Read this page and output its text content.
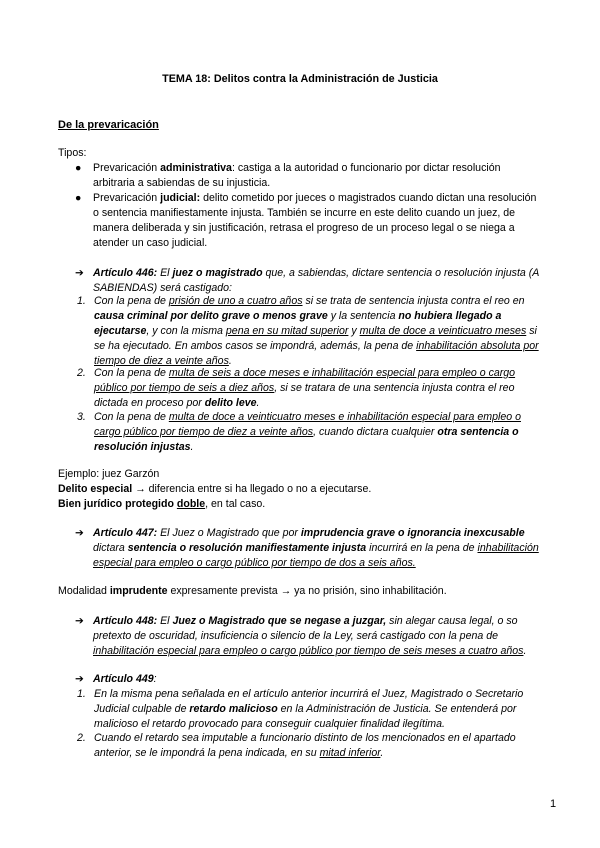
TEMA 18: Delitos contra la Administración de Justicia
De la prevaricación
Tipos:
● Prevaricación administrativa: castiga a la autoridad o funcionario por dictar resolución arbitraria a sabiendas de su injusticia.
● Prevaricación judicial: delito cometido por jueces o magistrados cuando dictan una resolución o sentencia manifiestamente injusta. También se incurre en este delito cuando un juez, de manera deliberada y sin justificación, retrasa el progreso de un proceso legal o se niega a atender un caso judicial.
➔ Artículo 446: El juez o magistrado que, a sabiendas, dictare sentencia o resolución injusta (A SABIENDAS) será castigado:
1. Con la pena de prisión de uno a cuatro años si se trata de sentencia injusta contra el reo en causa criminal por delito grave o menos grave y la sentencia no hubiera llegado a ejecutarse, y con la misma pena en su mitad superior y multa de doce a veinticuatro meses si se ha ejecutado. En ambos casos se impondrá, además, la pena de inhabilitación absoluta por tiempo de diez a veinte años.
2. Con la pena de multa de seis a doce meses e inhabilitación especial para empleo o cargo público por tiempo de seis a diez años, si se tratara de una sentencia injusta contra el reo dictada en proceso por delito leve.
3. Con la pena de multa de doce a veinticuatro meses e inhabilitación especial para empleo o cargo público por tiempo de diez a veinte años, cuando dictara cualquier otra sentencia o resolución injustas.
Ejemplo: juez Garzón
Delito especial → diferencia entre si ha llegado o no a ejecutarse.
Bien jurídico protegido doble, en tal caso.
➔ Artículo 447: El Juez o Magistrado que por imprudencia grave o ignorancia inexcusable dictara sentencia o resolución manifiestamente injusta incurrirá en la pena de inhabilitación especial para empleo o cargo público por tiempo de dos a seis años.
Modalidad imprudente expresamente prevista → ya no prisión, sino inhabilitación.
➔ Artículo 448: El Juez o Magistrado que se negase a juzgar, sin alegar causa legal, o so pretexto de oscuridad, insuficiencia o silencio de la Ley, será castigado con la pena de inhabilitación especial para empleo o cargo público por tiempo de seis meses a cuatro años.
➔ Artículo 449:
1. En la misma pena señalada en el artículo anterior incurrirá el Juez, Magistrado o Secretario Judicial culpable de retardo malicioso en la Administración de Justicia. Se entenderá por malicioso el retardo provocado para conseguir cualquier finalidad ilegítima.
2. Cuando el retardo sea imputable a funcionario distinto de los mencionados en el apartado anterior, se le impondrá la pena indicada, en su mitad inferior.
1
